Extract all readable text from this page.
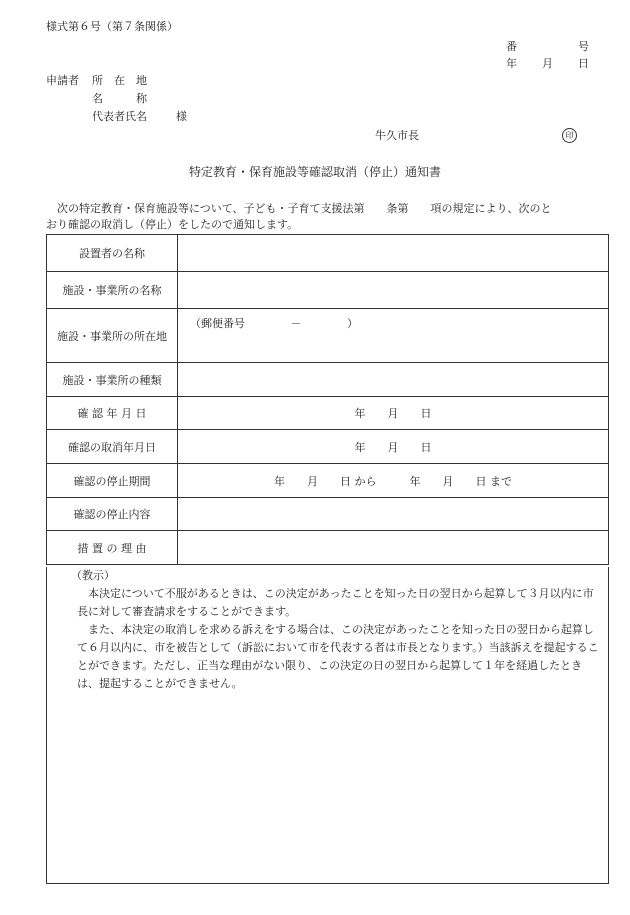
様式第６号（第７条関係）
番	号
年 月 日
申請者 所　在　地
名　　　称
代表者氏名	様
牛久市長	印
特定教育・保育施設等確認取消（停止）通知書
　次の特定教育・保育施設等について、子ども・子育て支援法第　　条第　　項の規定により、次のと
おり確認の取消し（停止）をしたので通知します。
設置者の名称	
施設・事業所の名称	
施設・事業所の所在地	（郵便番号 － ）

施設・事業所の種類	
確 認 年 月 日	年　　月　　日
確認の取消年月日	年　　月　　日
確認の停止期間	年　　月　　日 から　　　年　　月　　日 まで
確認の停止内容	
措 置 の 理 由	
（教示）

　本決定について不服があるときは、この決定があったことを知った日の翌日から起算して３月以内に市長に対して審査請求をすることができます。

　また、本決定の取消しを求める訴えをする場合は、この決定があったことを知った日の翌日から起算して６月以内に、市を被告として（訴訟において市を代表する者は市長となります。）当該訴えを提起することができます。ただし、正当な理由がない限り、この決定の日の翌日から起算して１年を経過したときは、提起することができません。
